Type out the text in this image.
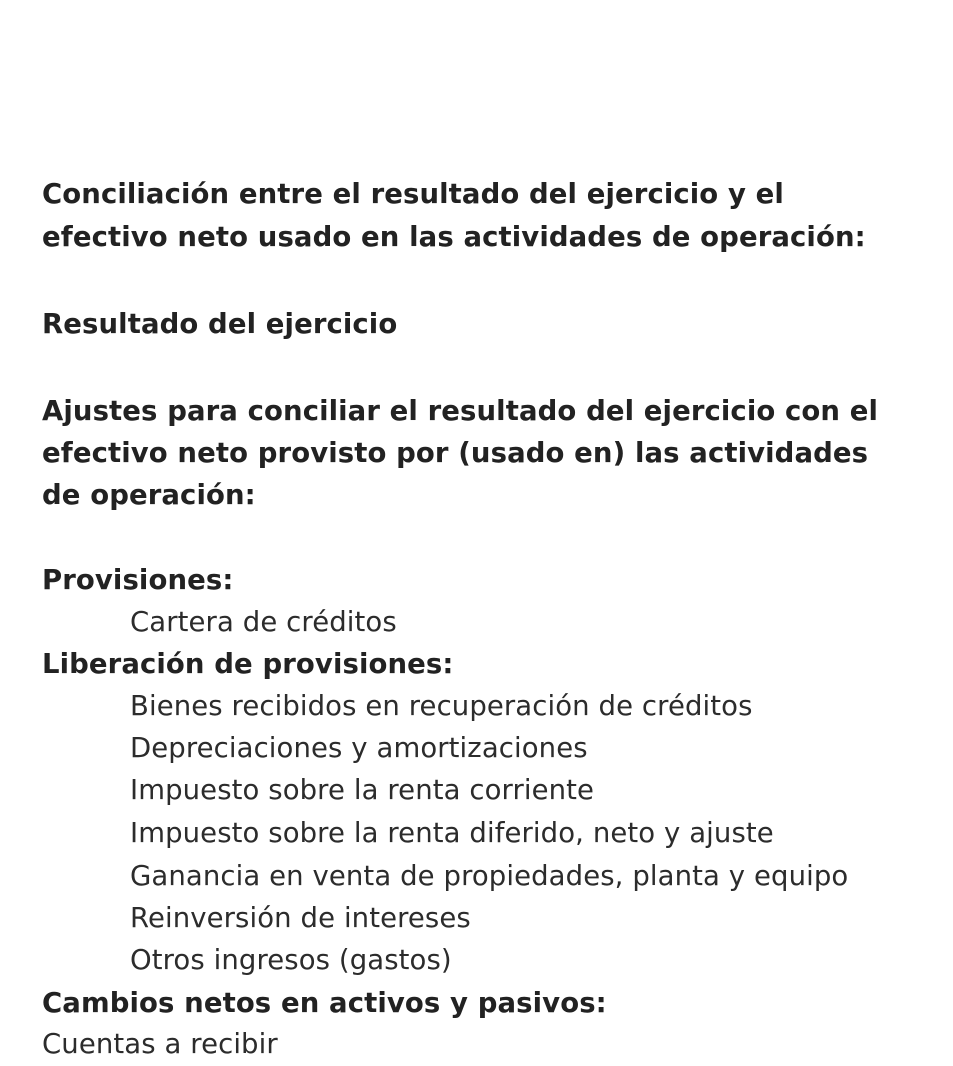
Conciliación entre el resultado del ejercicio y el
efectivo neto usado en las actividades de operación:
Resultado del ejercicio
Ajustes para conciliar el resultado del ejercicio con el
efectivo neto provisto por (usado en) las actividades
de operación:
Provisiones:
Cartera de créditos
Liberación de provisiones:
Bienes recibidos en recuperación de créditos
Depreciaciones y amortizaciones
Impuesto sobre la renta corriente
Impuesto sobre la renta diferido, neto y ajuste
Ganancia en venta de propiedades, planta y equipo
Reinversión de intereses
Otros ingresos (gastos)
Cambios netos en activos y pasivos:
Cuentas a recibir
